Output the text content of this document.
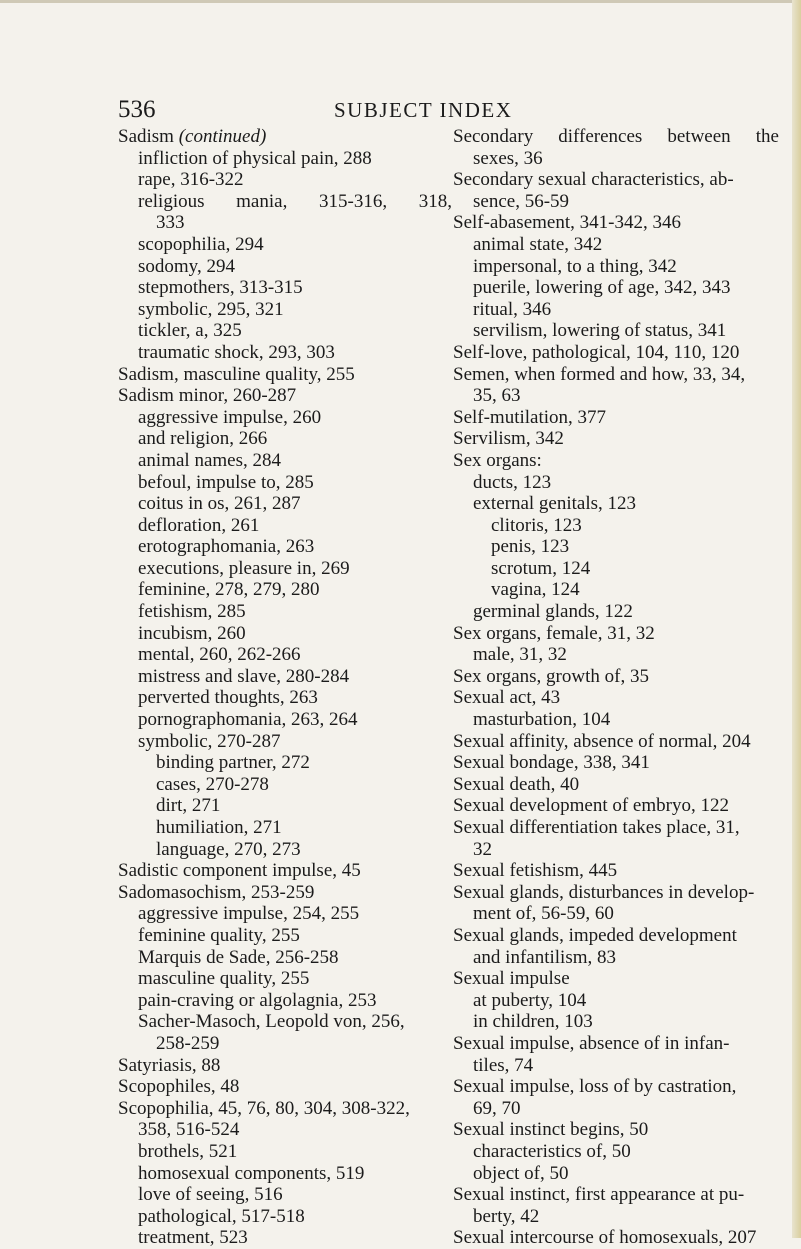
536	SUBJECT INDEX
Sadism (continued)
infliction of physical pain, 288
rape, 316-322
religious mania, 315-316, 318,
333
scopophilia, 294
sodomy, 294
stepmothers, 313-315
symbolic, 295, 321
tickler, a, 325
traumatic shock, 293, 303
Sadism, masculine quality, 255
Sadism minor, 260-287
aggressive impulse, 260
and religion, 266
animal names, 284
befoul, impulse to, 285
coitus in os, 261, 287
defloration, 261
erotographomania, 263
executions, pleasure in, 269
feminine, 278, 279, 280
fetishism, 285
incubism, 260
mental, 260, 262-266
mistress and slave, 280-284
perverted thoughts, 263
pornographomania, 263, 264
symbolic, 270-287
binding partner, 272
cases, 270-278
dirt, 271
humiliation, 271
language, 270, 273
Sadistic component impulse, 45
Sadomasochism, 253-259
aggressive impulse, 254, 255
feminine quality, 255
Marquis de Sade, 256-258
masculine quality, 255
pain-craving or algolagnia, 253
Sacher-Masoch, Leopold von, 256,
258-259
Satyriasis, 88
Scopophiles, 48
Scopophilia, 45, 76, 80, 304, 308-322,
358, 516-524
brothels, 521
homosexual components, 519
love of seeing, 516
pathological, 517-518
treatment, 523
Secondary differences between the
sexes, 36
Secondary sexual characteristics, ab-
sence, 56-59
Self-abasement, 341-342, 346
animal state, 342
impersonal, to a thing, 342
puerile, lowering of age, 342, 343
ritual, 346
servilism, lowering of status, 341
Self-love, pathological, 104, 110, 120
Semen, when formed and how, 33, 34,
35, 63
Self-mutilation, 377
Servilism, 342
Sex organs:
ducts, 123
external genitals, 123
clitoris, 123
penis, 123
scrotum, 124
vagina, 124
germinal glands, 122
Sex organs, female, 31, 32
male, 31, 32
Sex organs, growth of, 35
Sexual act, 43
masturbation, 104
Sexual affinity, absence of normal, 204
Sexual bondage, 338, 341
Sexual death, 40
Sexual development of embryo, 122
Sexual differentiation takes place, 31,
32
Sexual fetishism, 445
Sexual glands, disturbances in develop-
ment of, 56-59, 60
Sexual glands, impeded development
and infantilism, 83
Sexual impulse
at puberty, 104
in children, 103
Sexual impulse, absence of in infan-
tiles, 74
Sexual impulse, loss of by castration,
69, 70
Sexual instinct begins, 50
characteristics of, 50
object of, 50
Sexual instinct, first appearance at pu-
berty, 42
Sexual intercourse of homosexuals, 207
